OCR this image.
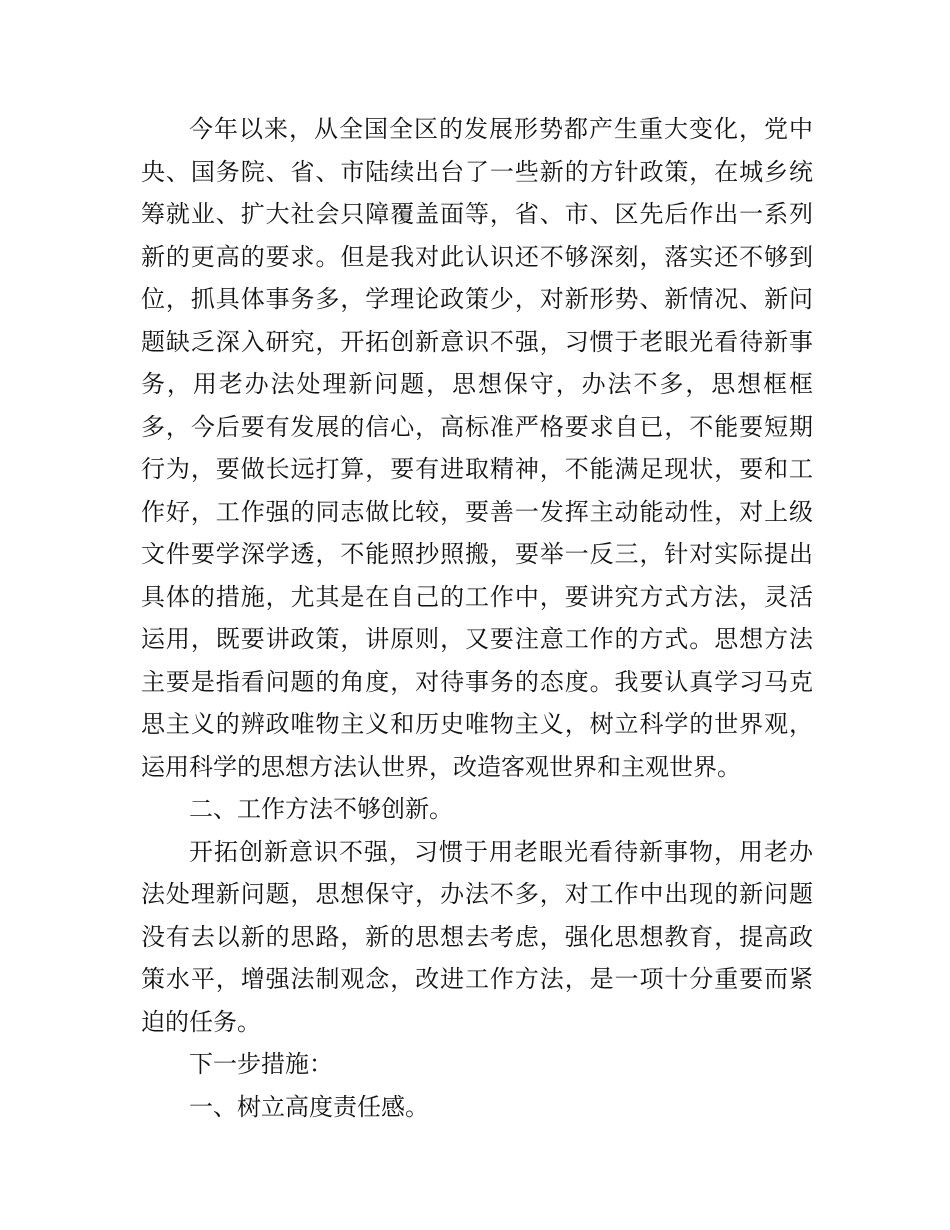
今年以来，从全国全区的发展形势都产生重大变化，党中
央、国务院、省、市陆续出台了一些新的方针政策，在城乡统
筹就业、扩大社会只障覆盖面等，省、市、区先后作出一系列
新的更高的要求。但是我对此认识还不够深刻，落实还不够到
位，抓具体事务多，学理论政策少，对新形势、新情况、新问
题缺乏深入研究，开拓创新意识不强，习惯于老眼光看待新事
务，用老办法处理新问题，思想保守，办法不多，思想框框
多，今后要有发展的信心，高标准严格要求自已，不能要短期
行为，要做长远打算，要有进取精神，不能满足现状，要和工
作好，工作强的同志做比较，要善一发挥主动能动性，对上级
文件要学深学透，不能照抄照搬，要举一反三，针对实际提出
具体的措施，尤其是在自己的工作中，要讲究方式方法，灵活
运用，既要讲政策，讲原则，又要注意工作的方式。思想方法
主要是指看问题的角度，对待事务的态度。我要认真学习马克
思主义的辨政唯物主义和历史唯物主义，树立科学的世界观，
运用科学的思想方法认世界，改造客观世界和主观世界。
二、工作方法不够创新。
开拓创新意识不强，习惯于用老眼光看待新事物，用老办
法处理新问题，思想保守，办法不多，对工作中出现的新问题
没有去以新的思路，新的思想去考虑，强化思想教育，提高政
策水平，增强法制观念，改进工作方法，是一项十分重要而紧
迫的任务。
下一步措施：
一、树立高度责任感。
